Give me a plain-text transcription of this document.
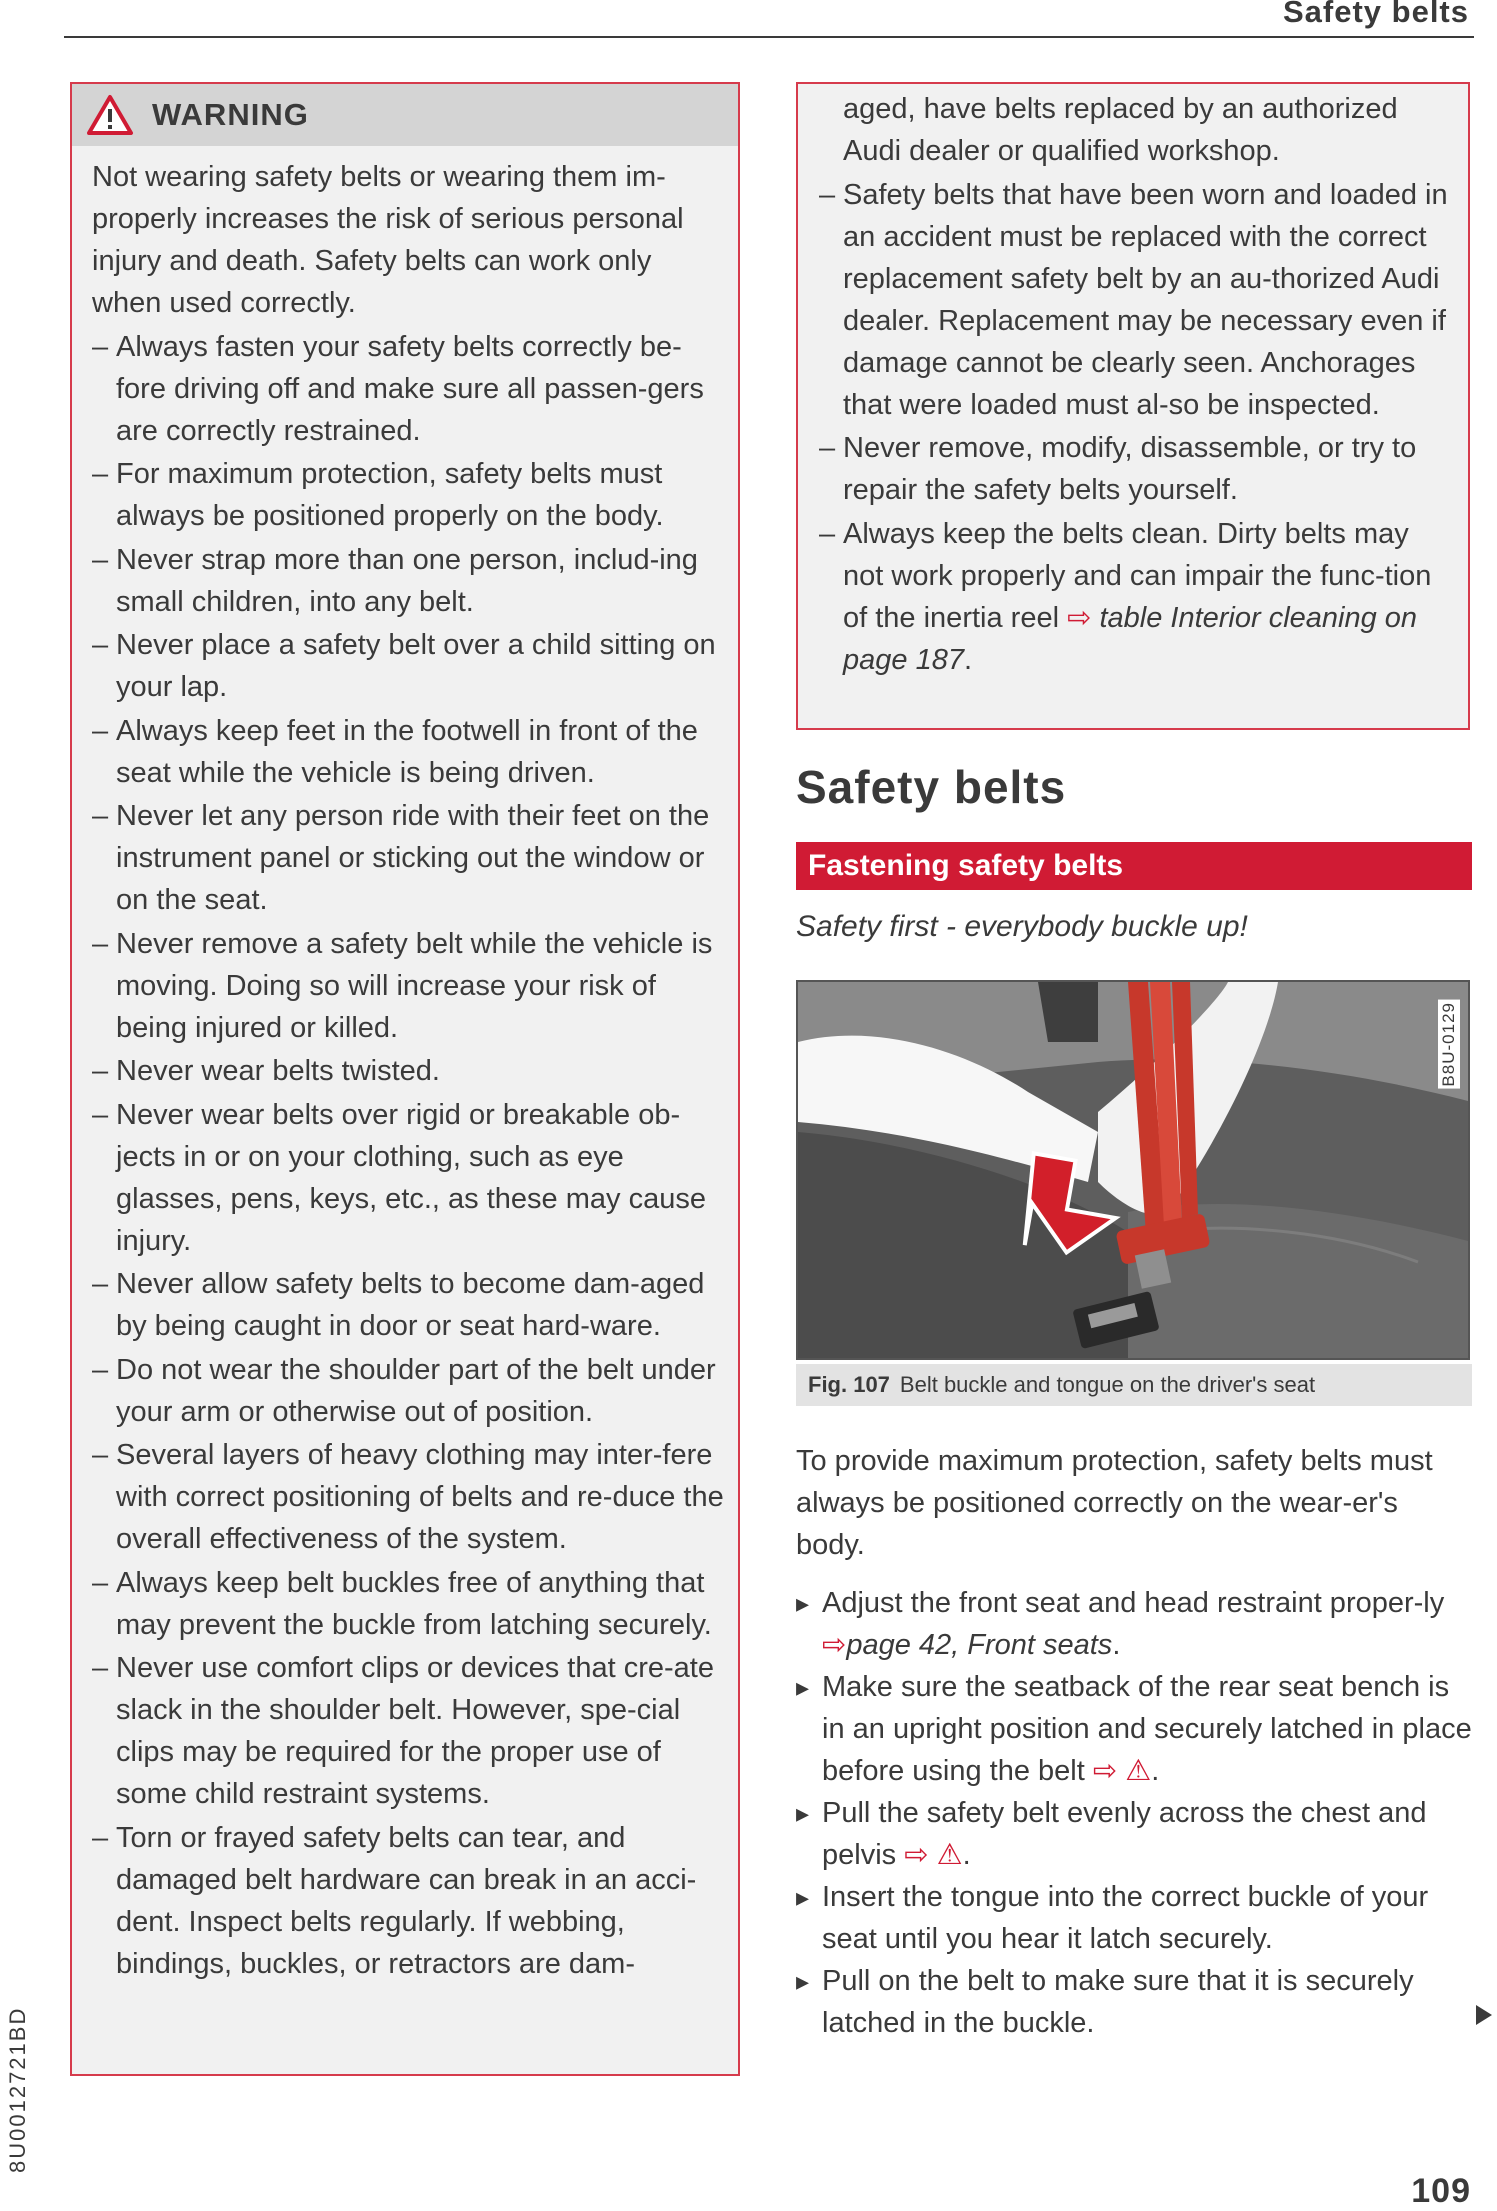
Safety belts
8U0012721BD
WARNING
Not wearing safety belts or wearing them im-properly increases the risk of serious personal injury and death. Safety belts can work only when used correctly.
– Always fasten your safety belts correctly be-fore driving off and make sure all passen-gers are correctly restrained.
– For maximum protection, safety belts must always be positioned properly on the body.
– Never strap more than one person, includ-ing small children, into any belt.
– Never place a safety belt over a child sitting on your lap.
– Always keep feet in the footwell in front of the seat while the vehicle is being driven.
– Never let any person ride with their feet on the instrument panel or sticking out the window or on the seat.
– Never remove a safety belt while the vehicle is moving. Doing so will increase your risk of being injured or killed.
– Never wear belts twisted.
– Never wear belts over rigid or breakable ob-jects in or on your clothing, such as eye glasses, pens, keys, etc., as these may cause injury.
– Never allow safety belts to become dam-aged by being caught in door or seat hard-ware.
– Do not wear the shoulder part of the belt under your arm or otherwise out of position.
– Several layers of heavy clothing may inter-fere with correct positioning of belts and re-duce the overall effectiveness of the system.
– Always keep belt buckles free of anything that may prevent the buckle from latching securely.
– Never use comfort clips or devices that cre-ate slack in the shoulder belt. However, spe-cial clips may be required for the proper use of some child restraint systems.
– Torn or frayed safety belts can tear, and damaged belt hardware can break in an acci-dent. Inspect belts regularly. If webbing, bindings, buckles, or retractors are dam-
aged, have belts replaced by an authorized Audi dealer or qualified workshop.
– Safety belts that have been worn and loaded in an accident must be replaced with the correct replacement safety belt by an au-thorized Audi dealer. Replacement may be necessary even if damage cannot be clearly seen. Anchorages that were loaded must al-so be inspected.
– Never remove, modify, disassemble, or try to repair the safety belts yourself.
– Always keep the belts clean. Dirty belts may not work properly and can impair the func-tion of the inertia reel ⇨ table Interior cleaning on page 187.
Safety belts
Fastening safety belts
Safety first - everybody buckle up!
B8U-0129
Fig. 107 Belt buckle and tongue on the driver's seat
To provide maximum protection, safety belts must always be positioned correctly on the wear-er's body.
▸ Adjust the front seat and head restraint proper-ly ⇨page 42, Front seats.
▸ Make sure the seatback of the rear seat bench is in an upright position and securely latched in place before using the belt ⇨ ⚠.
▸ Pull the safety belt evenly across the chest and pelvis ⇨ ⚠.
▸ Insert the tongue into the correct buckle of your seat until you hear it latch securely.
▸ Pull on the belt to make sure that it is securely latched in the buckle.
109
